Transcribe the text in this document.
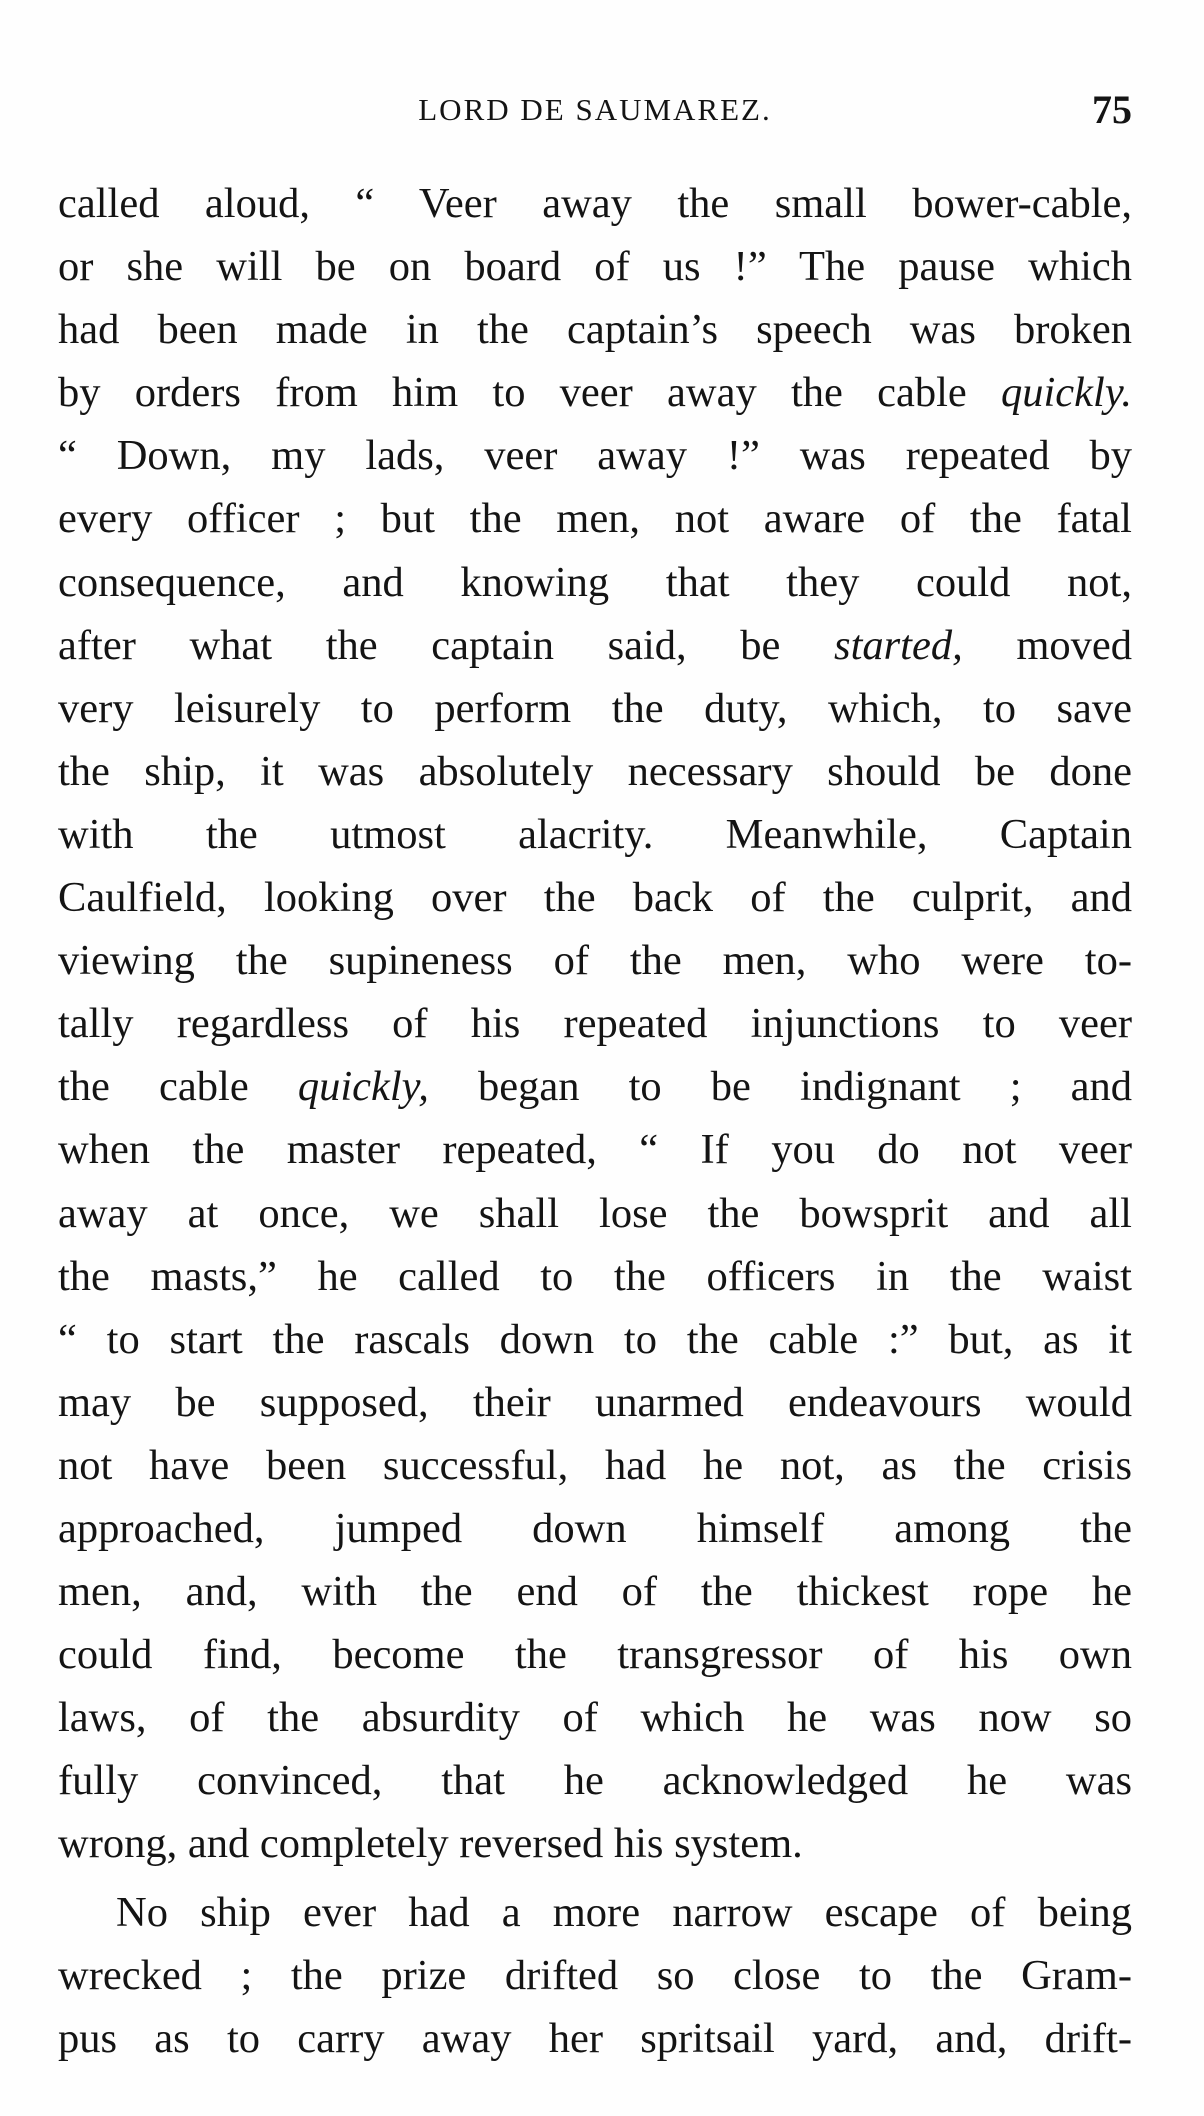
LORD DE SAUMAREZ.	75
called aloud, “ Veer away the small bower-cable,
or she will be on board of us !” The pause which
had been made in the captain’s speech was broken
by orders from him to veer away the cable quickly.
“ Down, my lads, veer away !” was repeated by
every officer ; but the men, not aware of the fatal
consequence, and knowing that they could not,
after what the captain said, be started, moved
very leisurely to perform the duty, which, to save
the ship, it was absolutely necessary should be done
with the utmost alacrity. Meanwhile, Captain
Caulfield, looking over the back of the culprit, and
viewing the supineness of the men, who were to-
tally regardless of his repeated injunctions to veer
the cable quickly, began to be indignant ; and
when the master repeated, “ If you do not veer
away at once, we shall lose the bowsprit and all
the masts,” he called to the officers in the waist
“ to start the rascals down to the cable :” but, as it
may be supposed, their unarmed endeavours would
not have been successful, had he not, as the crisis
approached, jumped down himself among the
men, and, with the end of the thickest rope he
could find, become the transgressor of his own
laws, of the absurdity of which he was now so
fully convinced, that he acknowledged he was
wrong, and completely reversed his system.
No ship ever had a more narrow escape of being
wrecked ; the prize drifted so close to the Gram-
pus as to carry away her spritsail yard, and, drift-
